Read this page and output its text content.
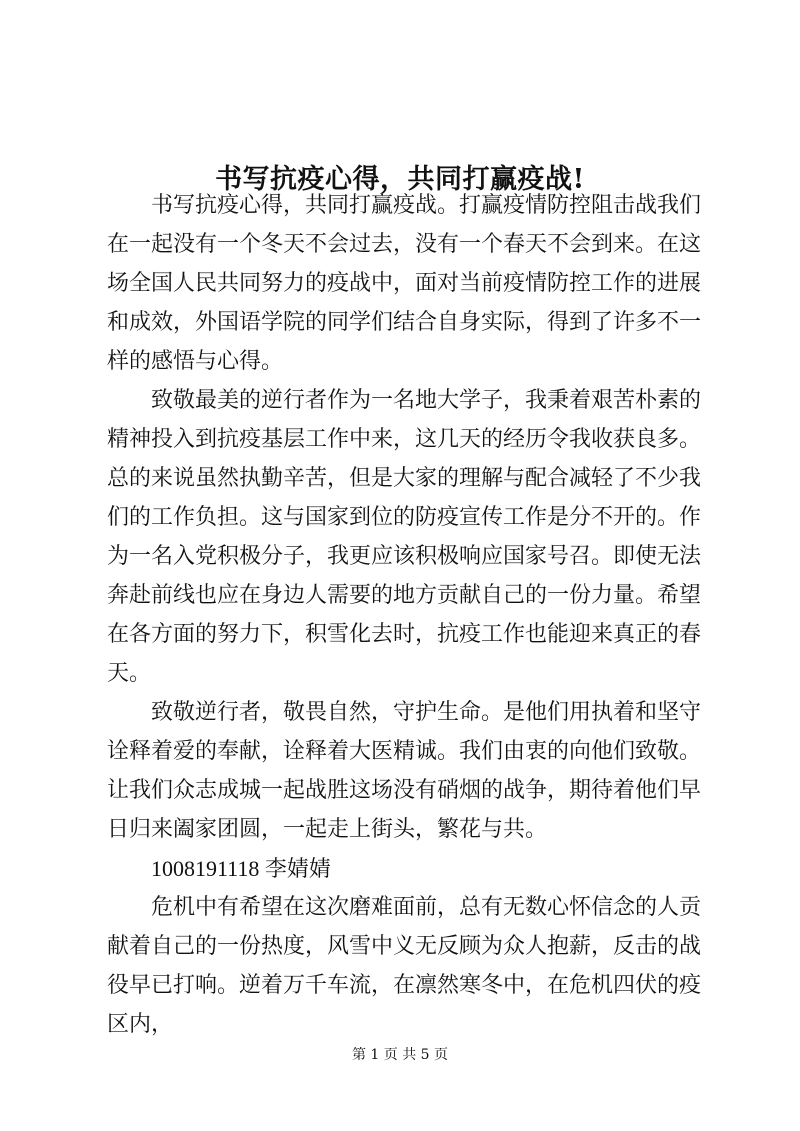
书写抗疫心得，共同打赢疫战!

书写抗疫心得，共同打赢疫战。打赢疫情防控阻击战我们在一起没有一个冬天不会过去，没有一个春天不会到来。在这场全国人民共同努力的疫战中，面对当前疫情防控工作的进展和成效，外国语学院的同学们结合自身实际，得到了许多不一样的感悟与心得。

致敬最美的逆行者作为一名地大学子，我秉着艰苦朴素的精神投入到抗疫基层工作中来，这几天的经历令我收获良多。总的来说虽然执勤辛苦，但是大家的理解与配合减轻了不少我们的工作负担。这与国家到位的防疫宣传工作是分不开的。作为一名入党积极分子，我更应该积极响应国家号召。即使无法奔赴前线也应在身边人需要的地方贡献自己的一份力量。希望在各方面的努力下，积雪化去时，抗疫工作也能迎来真正的春天。

致敬逆行者，敬畏自然，守护生命。是他们用执着和坚守诠释着爱的奉献，诠释着大医精诚。我们由衷的向他们致敬。让我们众志成城一起战胜这场没有硝烟的战争，期待着他们早日归来阖家团圆，一起走上街头，繁花与共。

1008191118 李婧婧

危机中有希望在这次磨难面前，总有无数心怀信念的人贡献着自己的一份热度，风雪中义无反顾为众人抱薪，反击的战役早已打响。逆着万千车流，在凛然寒冬中，在危机四伏的疫区内，

第 1 页 共 5 页
